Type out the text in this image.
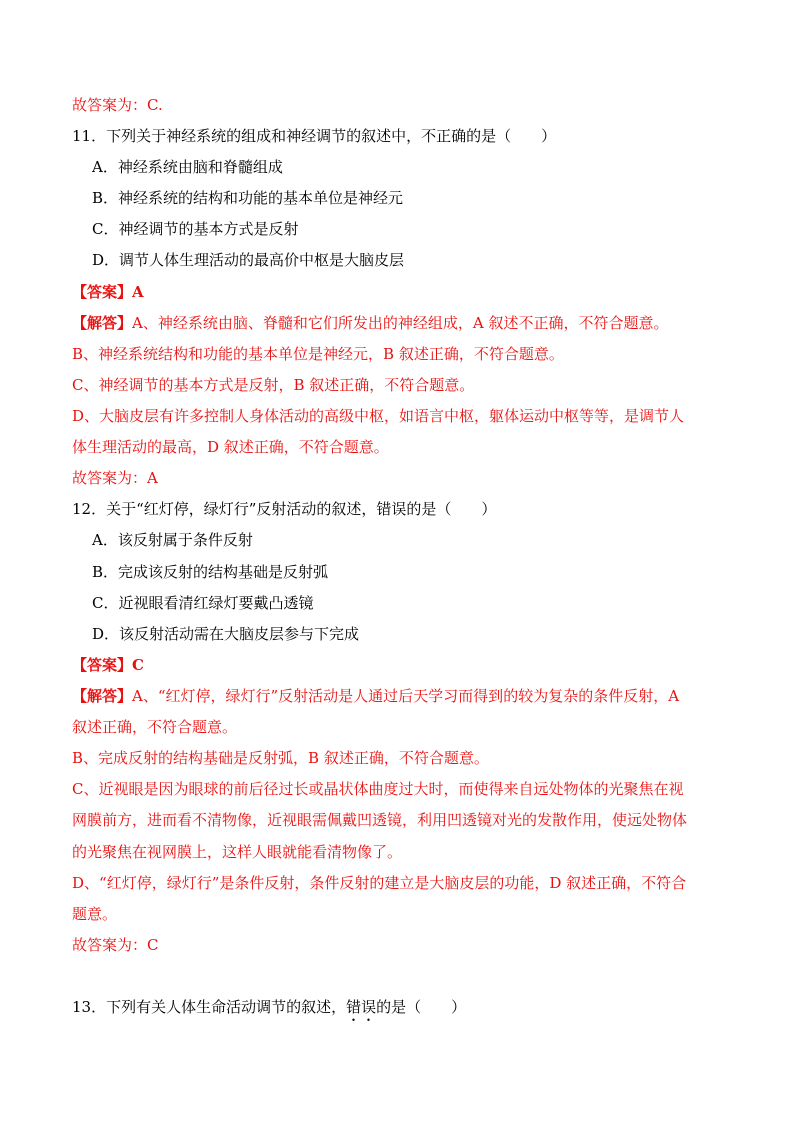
故答案为：C.
11．下列关于神经系统的组成和神经调节的叙述中，不正确的是（　　）
A．神经系统由脑和脊髓组成
B．神经系统的结构和功能的基本单位是神经元
C．神经调节的基本方式是反射
D．调节人体生理活动的最高价中枢是大脑皮层
【答案】A
【解答】A、神经系统由脑、脊髓和它们所发出的神经组成，A 叙述不正确，不符合题意。
B、神经系统结构和功能的基本单位是神经元，B 叙述正确，不符合题意。
C、神经调节的基本方式是反射，B 叙述正确，不符合题意。
D、大脑皮层有许多控制人身体活动的高级中枢，如语言中枢，躯体运动中枢等等，是调节人
体生理活动的最高，D 叙述正确，不符合题意。
故答案为：A
12．关于“红灯停，绿灯行”反射活动的叙述，错误的是（　　）
A．该反射属于条件反射
B．完成该反射的结构基础是反射弧
C．近视眼看清红绿灯要戴凸透镜
D．该反射活动需在大脑皮层参与下完成
【答案】C
【解答】A、“红灯停，绿灯行”反射活动是人通过后天学习而得到的较为复杂的条件反射，A
叙述正确，不符合题意。
B、完成反射的结构基础是反射弧，B 叙述正确，不符合题意。
C、近视眼是因为眼球的前后径过长或晶状体曲度过大时，而使得来自远处物体的光聚焦在视
网膜前方，进而看不清物像，近视眼需佩戴凹透镜，利用凹透镜对光的发散作用，使远处物体
的光聚焦在视网膜上，这样人眼就能看清物像了。
D、“红灯停，绿灯行”是条件反射，条件反射的建立是大脑皮层的功能，D 叙述正确，不符合
题意。
故答案为：C
13．下列有关人体生命活动调节的叙述，错误的是（　　）
